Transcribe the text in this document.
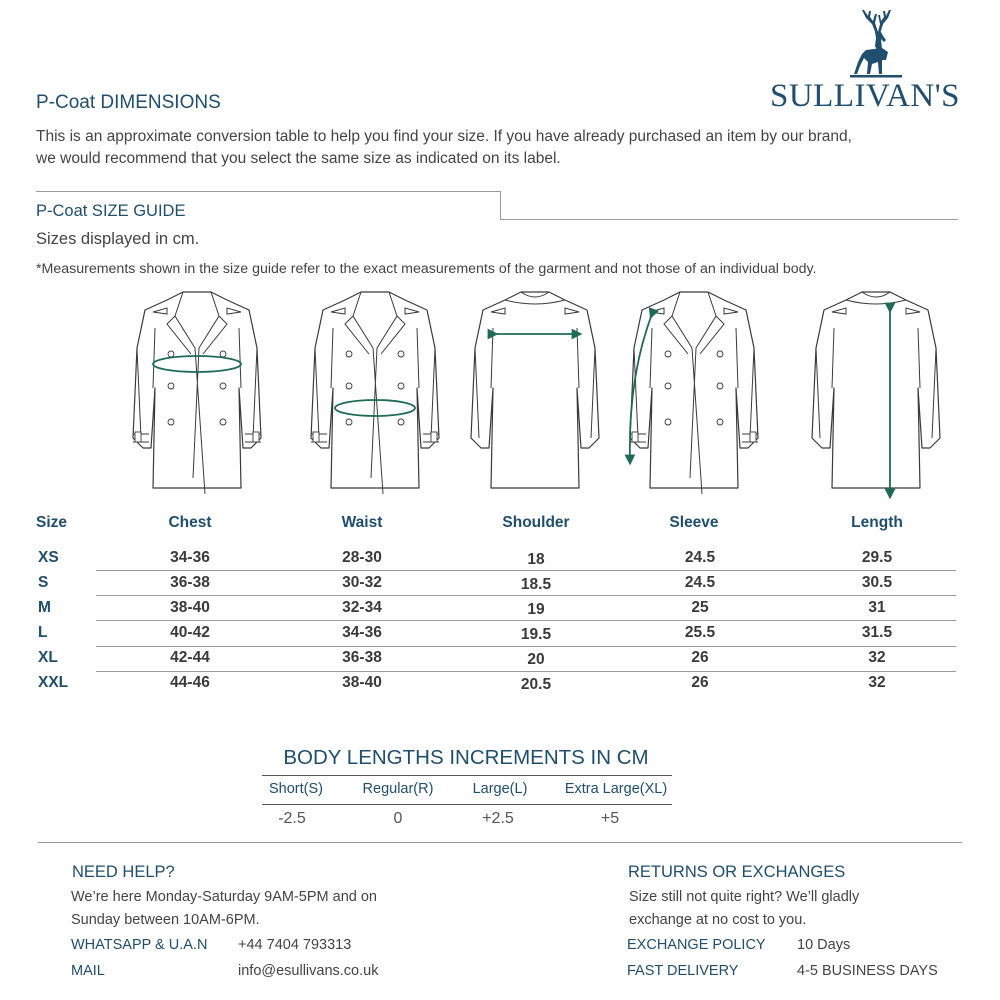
SULLIVAN'S
P-Coat DIMENSIONS

This is an approximate conversion table to help you find your size. If you have already purchased an item by our brand,

we would recommend that you select the same size as indicated on its label.

P-Coat SIZE GUIDE
Sizes displayed in cm.
*Measurements shown in the size guide refer to the exact measurements of the garment and not those of an individual body.
Size	Chest	Waist	Shoulder	Sleeve	Length
XS	34-36	28-30	18	24.5	29.5
S	36-38	30-32	18.5	24.5	30.5
M	38-40	32-34	19	25	31
L	40-42	34-36	19.5	25.5	31.5
XL	42-44	36-38	20	26	32
XXL	44-46	38-40	20.5	26	32
BODY LENGTHS INCREMENTS IN CM
Short(S)	Regular(R)	Large(L)	Extra Large(XL)
-2.5	0	+2.5	+5
NEED HELP?
We’re here Monday-Saturday 9AM-5PM and on
Sunday between 10AM-6PM.
WHATSAPP & U.A.N +44 7404 793313
MAIL	info@esullivans.co.uk
RETURNS OR EXCHANGES
Size still not quite right? We’ll gladly
exchange at no cost to you.
EXCHANGE POLICY 10 Days
FAST DELIVERY	4-5 BUSINESS DAYS
